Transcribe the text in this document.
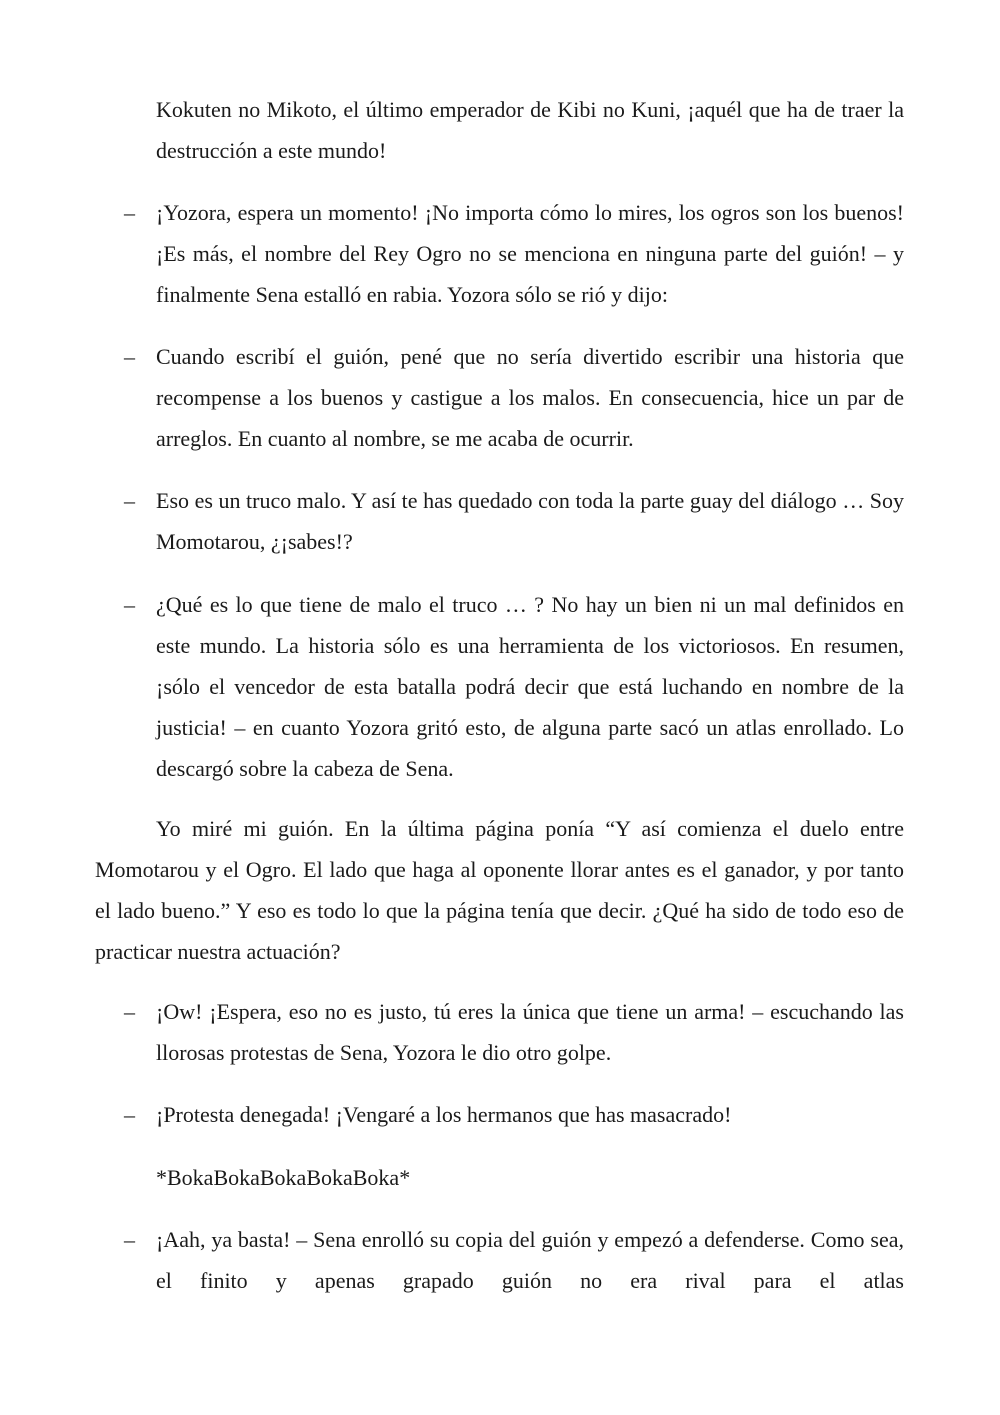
Kokuten no Mikoto, el último emperador de Kibi no Kuni, ¡aquél que ha de traer la destrucción a este mundo!

– ¡Yozora, espera un momento! ¡No importa cómo lo mires, los ogros son los buenos! ¡Es más, el nombre del Rey Ogro no se menciona en ninguna parte del guión! – y finalmente Sena estalló en rabia. Yozora sólo se rió y dijo:

– Cuando escribí el guión, pené que no sería divertido escribir una historia que recompense a los buenos y castigue a los malos. En consecuencia, hice un par de arreglos. En cuanto al nombre, se me acaba de ocurrir.

– Eso es un truco malo. Y así te has quedado con toda la parte guay del diálogo … Soy Momotarou, ¿¡sabes!?

– ¿Qué es lo que tiene de malo el truco … ? No hay un bien ni un mal definidos en este mundo. La historia sólo es una herramienta de los victoriosos. En resumen, ¡sólo el vencedor de esta batalla podrá decir que está luchando en nombre de la justicia! – en cuanto Yozora gritó esto, de alguna parte sacó un atlas enrollado. Lo descargó sobre la cabeza de Sena.

Yo miré mi guión. En la última página ponía “Y así comienza el duelo entre Momotarou y el Ogro. El lado que haga al oponente llorar antes es el ganador, y por tanto el lado bueno.” Y eso es todo lo que la página tenía que decir. ¿Qué ha sido de todo eso de practicar nuestra actuación?

– ¡Ow! ¡Espera, eso no es justo, tú eres la única que tiene un arma! – escuchando las llorosas protestas de Sena, Yozora le dio otro golpe.

– ¡Protesta denegada! ¡Vengaré a los hermanos que has masacrado!

*BokaBokaBokaBokaBoka*

– ¡Aah, ya basta! – Sena enrolló su copia del guión y empezó a defenderse. Como sea, el finito y apenas grapado guión no era rival para el atlas
